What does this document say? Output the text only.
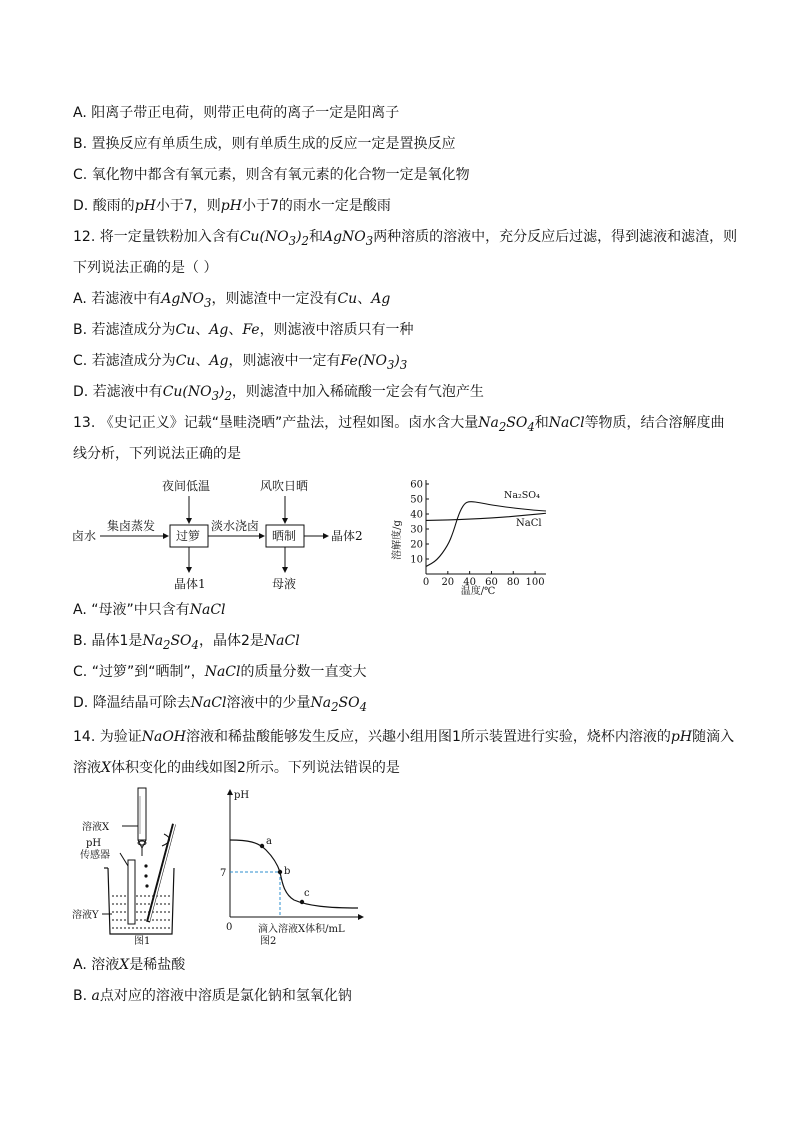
A. 阳离子带正电荷，则带正电荷的离子一定是阳离子
B. 置换反应有单质生成，则有单质生成的反应一定是置换反应
C. 氧化物中都含有氧元素，则含有氧元素的化合物一定是氧化物
D. 酸雨的pH小于7，则pH小于7的雨水一定是酸雨
12. 将一定量铁粉加入含有$Cu(NO_3)_2$和AgNO$_3$两种溶质的溶液中，充分反应后过滤，得到滤液和滤渣，则
下列说法正确的是（ ）
A. 若滤液中有AgNO$_3$，则滤渣中一定没有Cu、Ag
B. 若滤渣成分为Cu、Ag、Fe，则滤液中溶质只有一种
C. 若滤渣成分为Cu、Ag，则滤液中一定有$Fe(NO_3)_3$
D. 若滤液中有$Cu(NO_3)_2$，则滤渣中加入稀硫酸一定会有气泡产生
13. 《史记正义》记载“垦畦浇晒”产盐法，过程如图。卤水含大量$Na_2SO_4$和NaCl等物质，结合溶解度曲
线分析，下列说法正确的是
卤水
集卤蒸发
过箩
夜间低温
晶体1
淡水浇卤
晒制
风吹日晒
母液
晶体2
0 20 40 60 80 100
10
20
30
40
50
60
溶解度/g
温度/℃
Na₂SO₄
NaCl
A. “母液”中只含有NaCl
B. 晶体1是$Na_2SO_4$，晶体2是NaCl
C. “过箩”到“晒制”，NaCl的质量分数一直变大
D. 降温结晶可除去NaCl溶液中的少量$Na_2SO_4$
14. 为验证NaOH溶液和稀盐酸能够发生反应，兴趣小组用图1所示装置进行实验，烧杯内溶液的pH随滴入
溶液X体积变化的曲线如图2所示。下列说法错误的是
溶液X
pH
传感器
溶液Y
图1
pH
7
0
a
b
c
滴入溶液X体积/mL
图2
A. 溶液X是稀盐酸
B. a点对应的溶液中溶质是氯化钠和氢氧化钠
